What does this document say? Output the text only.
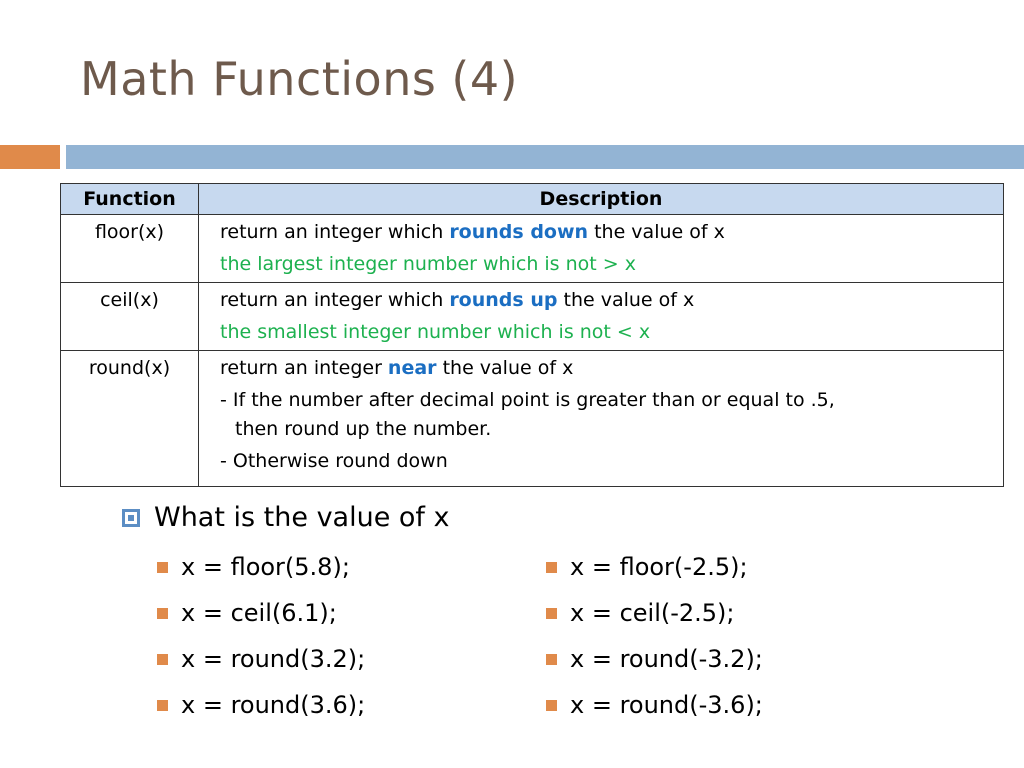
Math Functions (4)
Function	Description
floor(x)	return an integer which rounds down the value of x

the largest integer number which is not > x

ceil(x)	return an integer which rounds up the value of x

the smallest integer number which is not < x

round(x)	return an integer near the value of x

- If the number after decimal point is greater than or equal to .5,

then round up the number.

- Otherwise round down

What is the value of x
x = floor(5.8);
x = ceil(6.1);
x = round(3.2);
x = round(3.6);
x = floor(-2.5);
x = ceil(-2.5);
x = round(-3.2);
x = round(-3.6);
